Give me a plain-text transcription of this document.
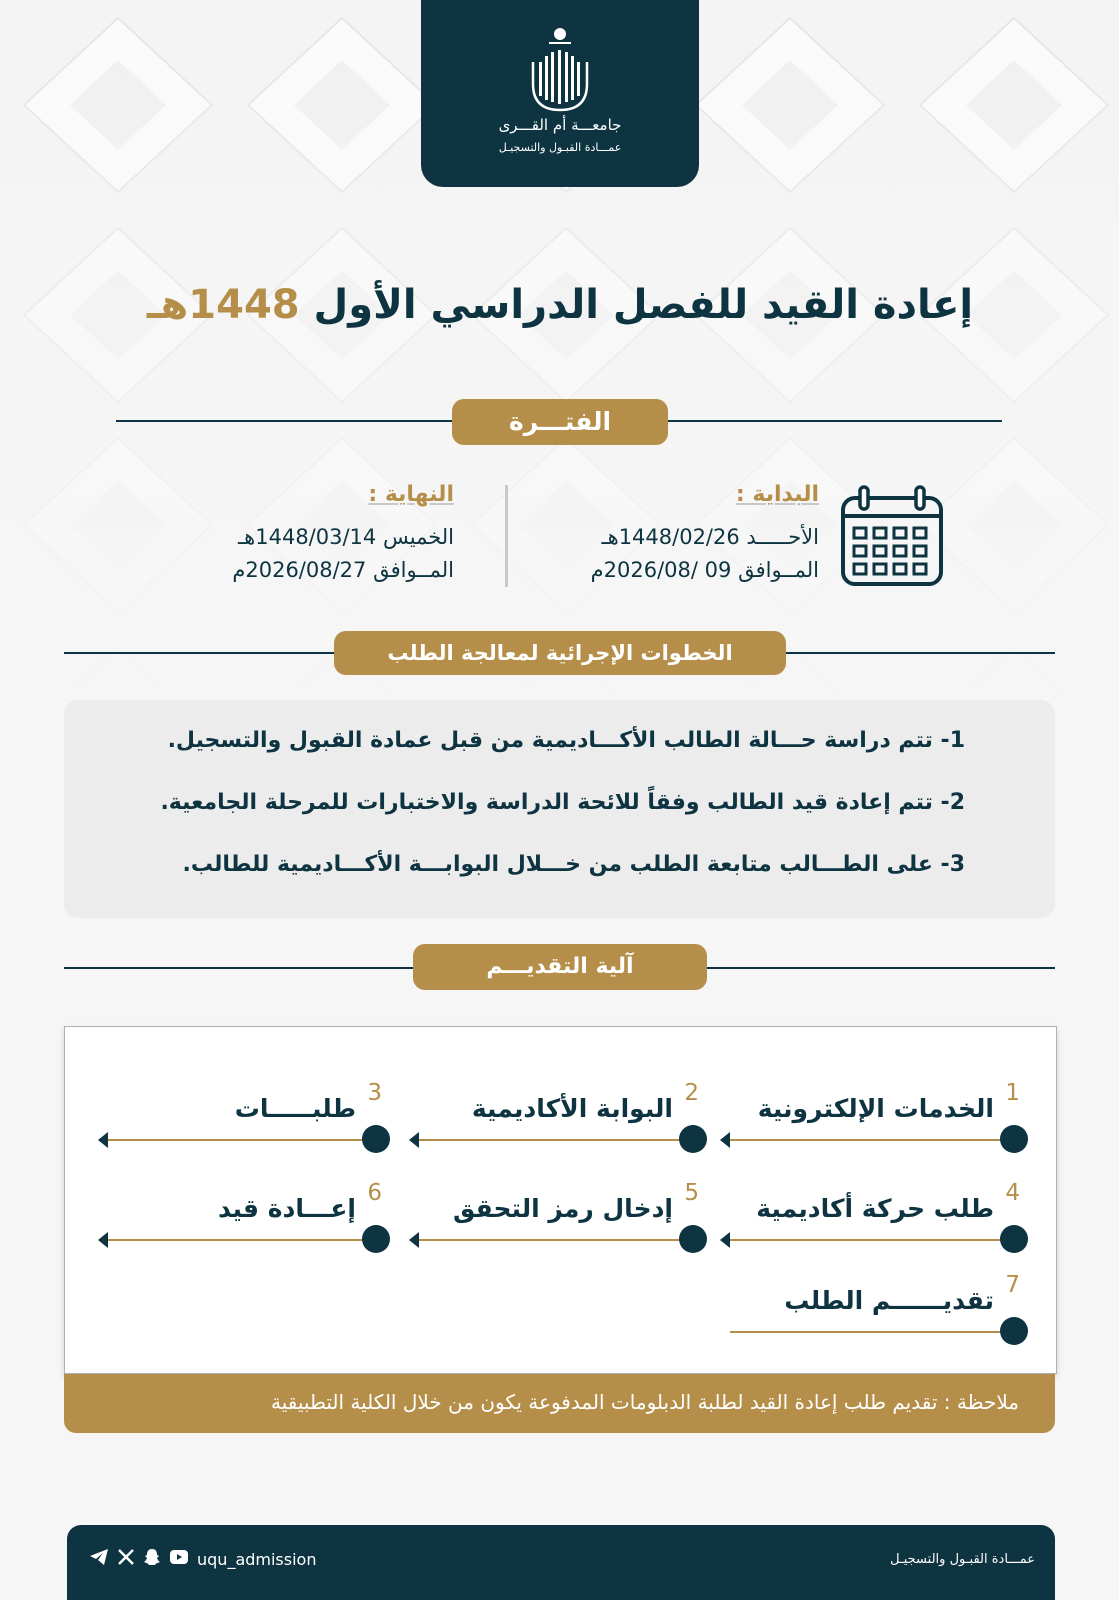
جامعـــة أم القـــرى
عمـــادة القبـول والتسجيـل
إعادة القيد للفصل الدراسي الأول 1448هـ
الفتـــرة
البداية :
الأحـــــد 1448/02/26هـ
المــوافق 09 /2026/08م
النهاية :
الخميس 1448/03/14هـ
المــوافق 2026/08/27م
الخطوات الإجرائية لمعالجة الطلب
1- تتم دراسة حـــالة الطالب الأكـــاديمية من قبل عمادة القبول والتسجيل.
2- تتم إعادة قيد الطالب وفقاً للائحة الدراسة والاختبارات للمرحلة الجامعية.
3- على الطـــالب متابعة الطلب من خـــلال البوابـــة الأكـــاديمية للطالب.
آلية التقديـــم
1
الخدمات الإلكترونية
2
البوابة الأكاديمية
3
طلبـــــات
4
طلب حركة أكاديمية
5
إدخال رمز التحقق
6
إعـــادة قيد
7
تقديــــــم الطلب
ملاحظة : تقديم طلب إعادة القيد لطلبة الدبلومات المدفوعة يكون من خلال الكلية التطبيقية
uqu_admission	عمـــادة القبـول والتسجيـل
